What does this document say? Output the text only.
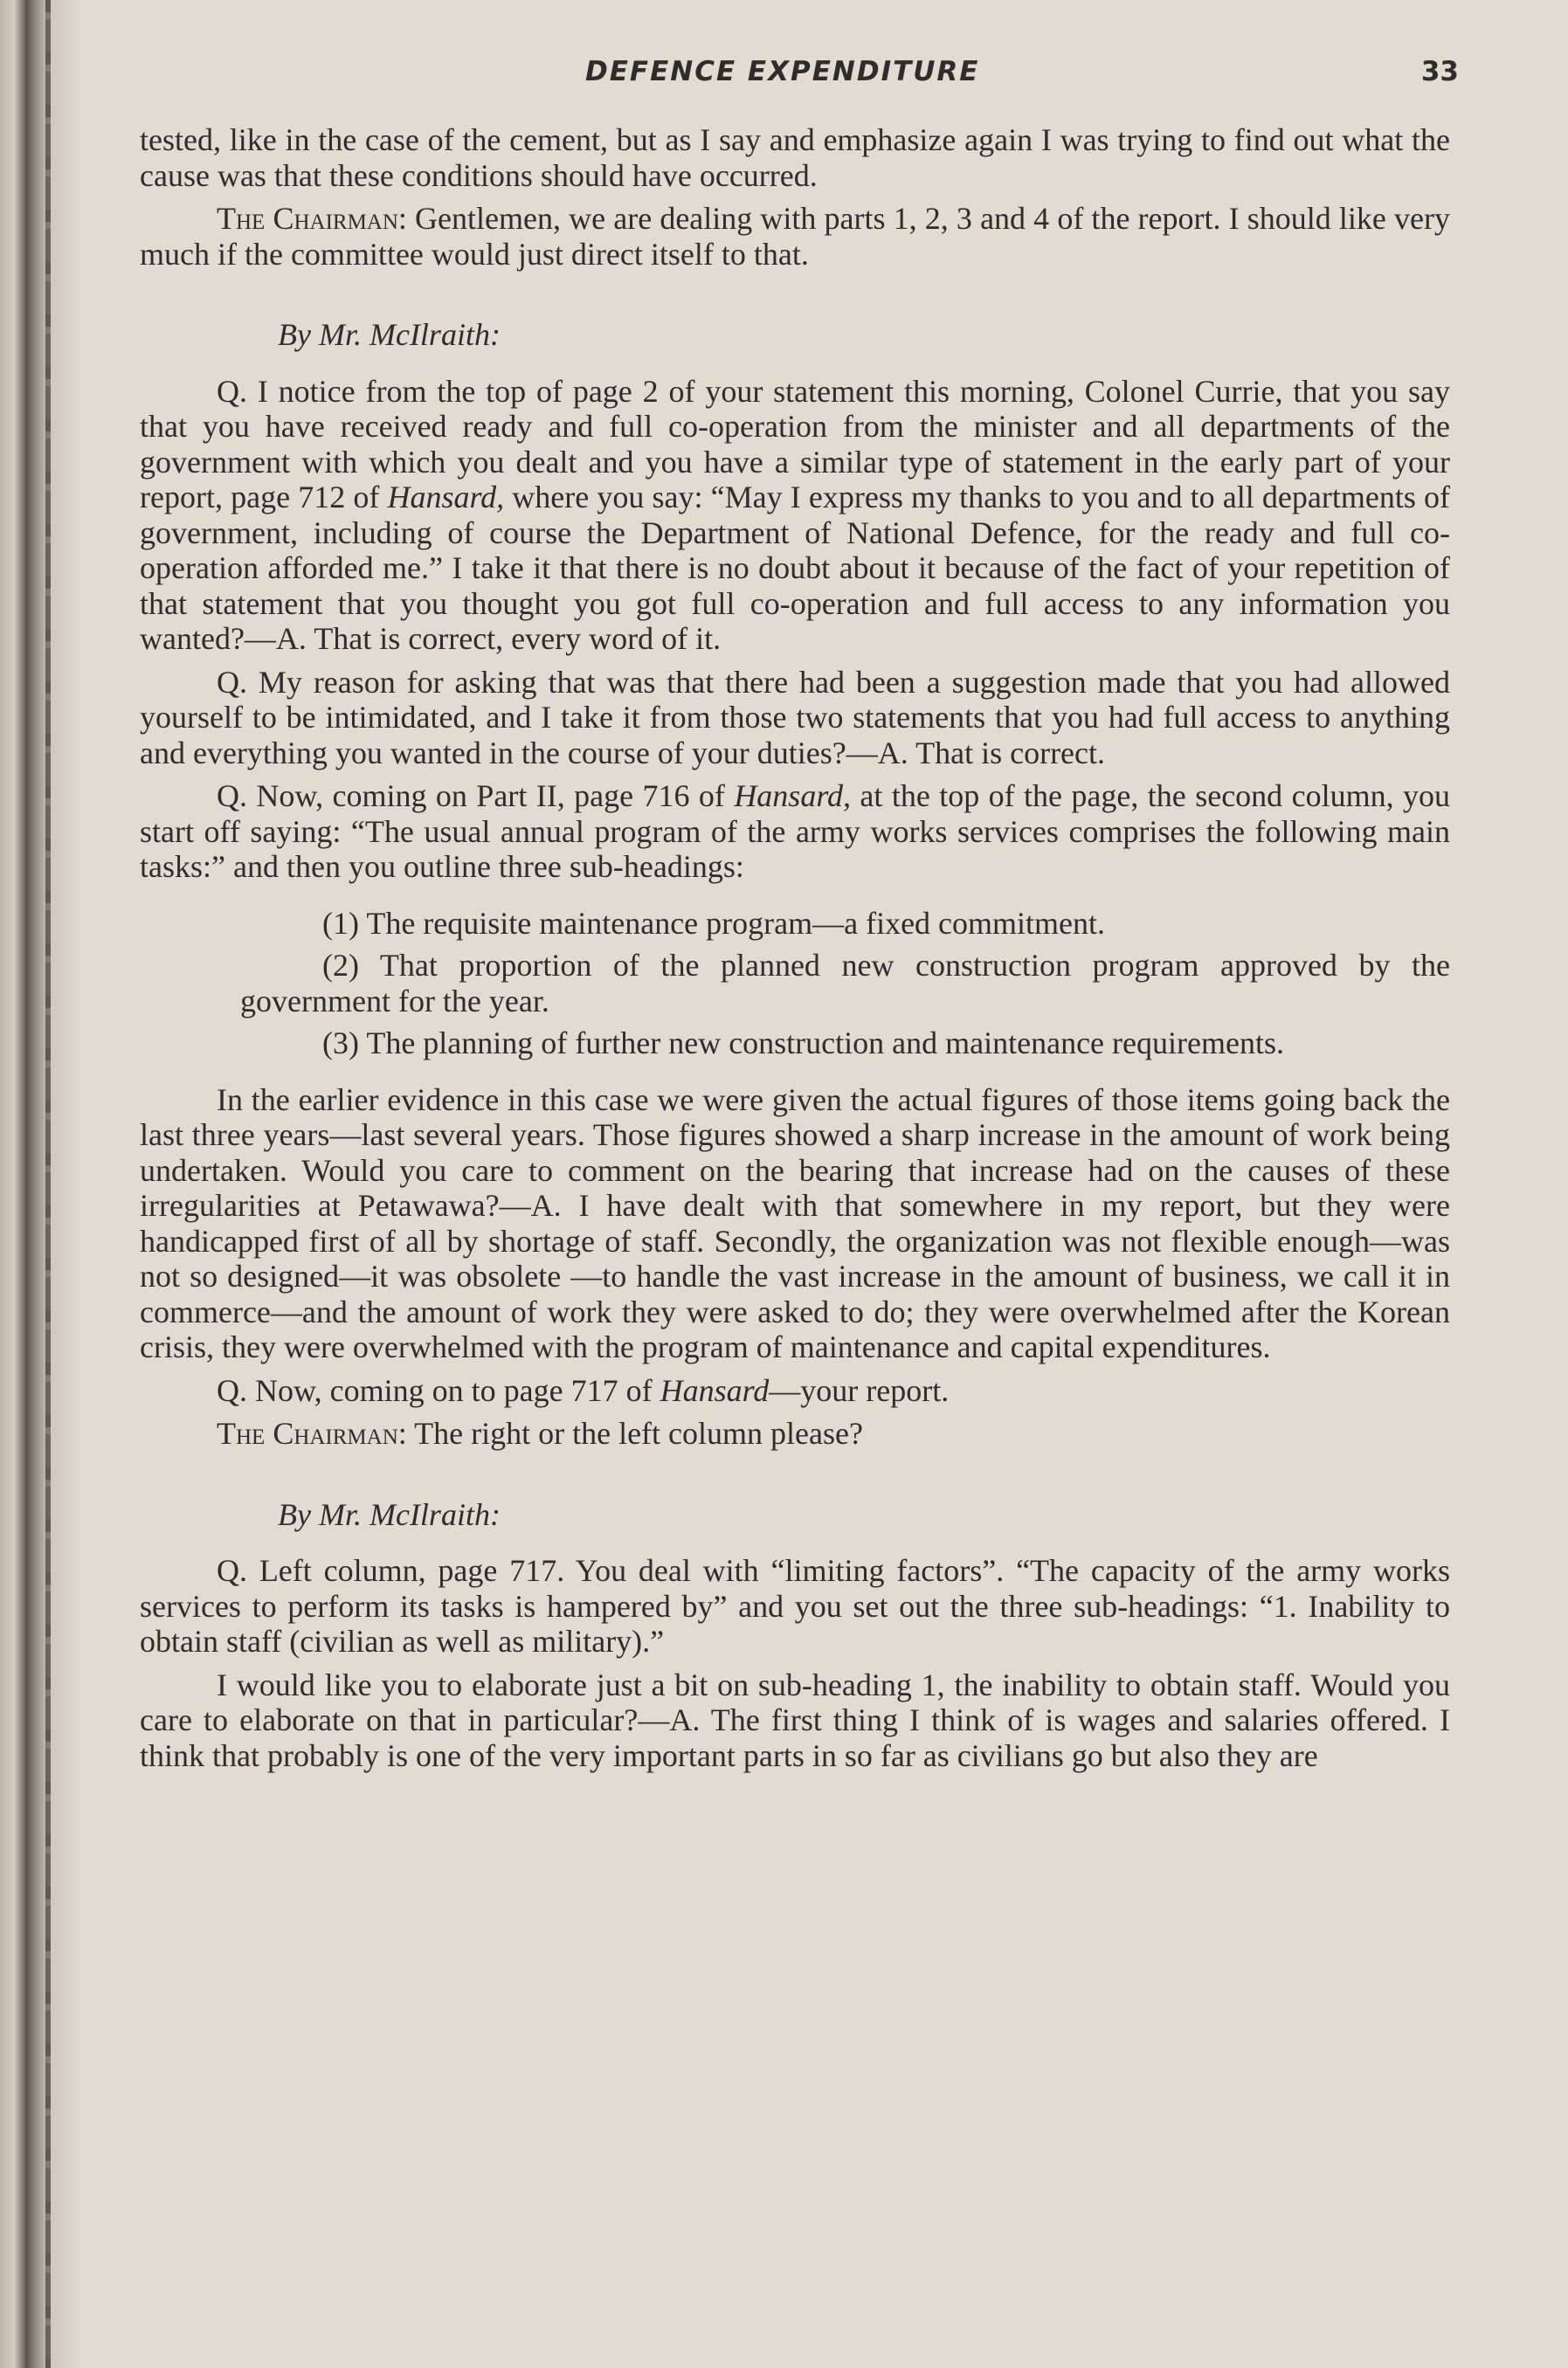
DEFENCE EXPENDITURE	33

tested, like in the case of the cement, but as I say and emphasize again I was trying to find out what the cause was that these conditions should have occurred.

The Chairman: Gentlemen, we are dealing with parts 1, 2, 3 and 4 of the report. I should like very much if the committee would just direct itself to that.

By Mr. McIlraith:

Q. I notice from the top of page 2 of your statement this morning, Colonel Currie, that you say that you have received ready and full co-operation from the minister and all departments of the government with which you dealt and you have a similar type of statement in the early part of your report, page 712 of Hansard, where you say: “May I express my thanks to you and to all departments of government, including of course the Department of National Defence, for the ready and full co-operation afforded me.” I take it that there is no doubt about it because of the fact of your repetition of that statement that you thought you got full co-operation and full access to any information you wanted?—A. That is correct, every word of it.

Q. My reason for asking that was that there had been a suggestion made that you had allowed yourself to be intimidated, and I take it from those two statements that you had full access to anything and everything you wanted in the course of your duties?—A. That is correct.

Q. Now, coming on Part II, page 716 of Hansard, at the top of the page, the second column, you start off saying: “The usual annual program of the army works services comprises the following main tasks:” and then you outline three sub-headings:

(1) The requisite maintenance program—a fixed commitment.

(2) That proportion of the planned new construction program approved by the government for the year.

(3) The planning of further new construction and maintenance requirements.

In the earlier evidence in this case we were given the actual figures of those items going back the last three years—last several years. Those figures showed a sharp increase in the amount of work being undertaken. Would you care to comment on the bearing that increase had on the causes of these irregularities at Petawawa?—A. I have dealt with that somewhere in my report, but they were handicapped first of all by shortage of staff. Secondly, the organization was not flexible enough—was not so designed—it was obsolete —to handle the vast increase in the amount of business, we call it in commerce—and the amount of work they were asked to do; they were overwhelmed after the Korean crisis, they were overwhelmed with the program of maintenance and capital expenditures.

Q. Now, coming on to page 717 of Hansard—your report.

The Chairman: The right or the left column please?

By Mr. McIlraith:

Q. Left column, page 717. You deal with “limiting factors”. “The capacity of the army works services to perform its tasks is hampered by” and you set out the three sub-headings: “1. Inability to obtain staff (civilian as well as military).”

I would like you to elaborate just a bit on sub-heading 1, the inability to obtain staff. Would you care to elaborate on that in particular?—A. The first thing I think of is wages and salaries offered. I think that probably is one of the very important parts in so far as civilians go but also they are
